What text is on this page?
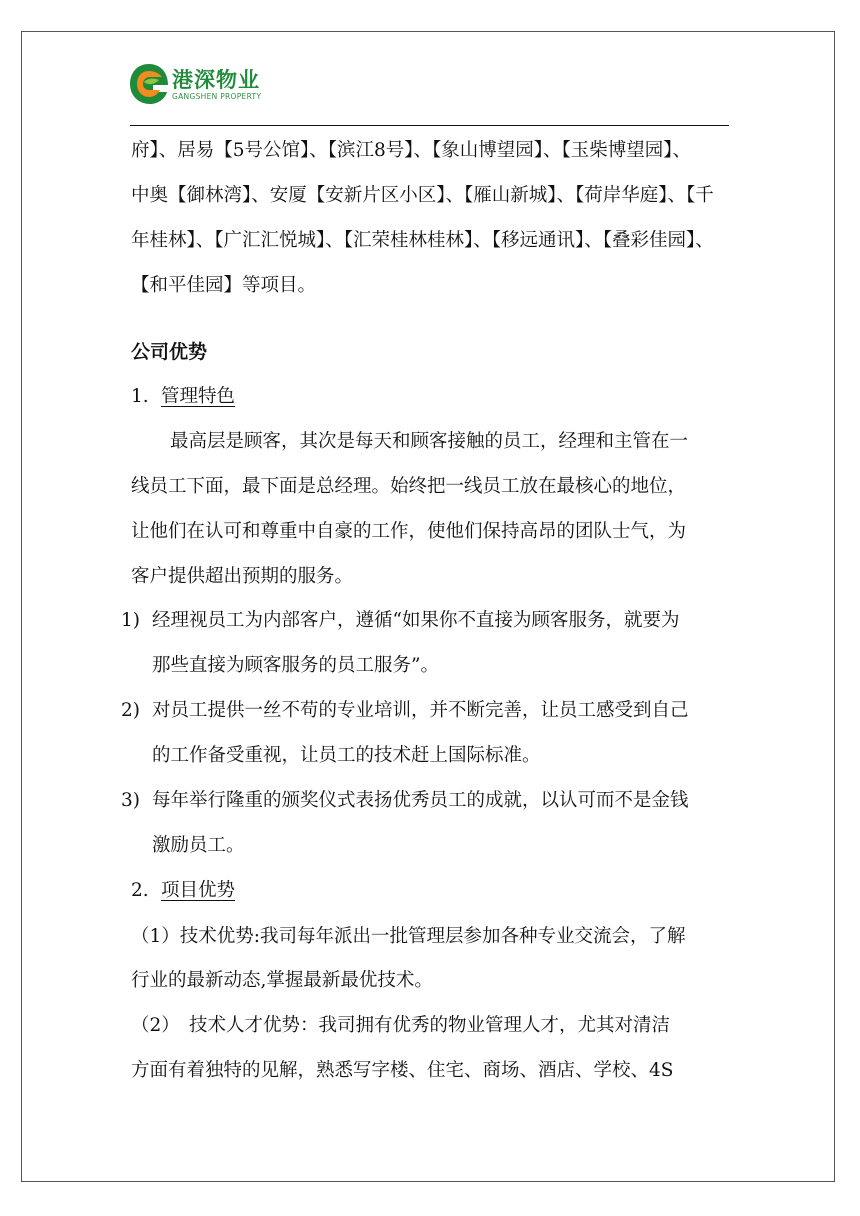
港深物业
GANGSHEN PROPERTY
府】、居易【5号公馆】、【滨江8号】、【象山博望园】、【玉柴博望园】、
中奥【御林湾】、安厦【安新片区小区】、【雁山新城】、【荷岸华庭】、【千
年桂林】、【广汇汇悦城】、【汇荣桂林桂林】、【移远通讯】、【叠彩佳园】、
【和平佳园】等项目。
公司优势
1. 管理特色
最高层是顾客，其次是每天和顾客接触的员工，经理和主管在一
线员工下面，最下面是总经理。始终把一线员工放在最核心的地位，
让他们在认可和尊重中自豪的工作，使他们保持高昂的团队士气，为
客户提供超出预期的服务。
1) 经理视员工为内部客户，遵循“如果你不直接为顾客服务，就要为
那些直接为顾客服务的员工服务”。
2) 对员工提供一丝不苟的专业培训，并不断完善，让员工感受到自己
的工作备受重视，让员工的技术赶上国际标准。
3) 每年举行隆重的颁奖仪式表扬优秀员工的成就，以认可而不是金钱
激励员工。
2. 项目优势
（1）技术优势:我司每年派出一批管理层参加各种专业交流会，了解
行业的最新动态,掌握最新最优技术。
（2）　技术人才优势：我司拥有优秀的物业管理人才，尤其对清洁
方面有着独特的见解，熟悉写字楼、住宅、商场、酒店、学校、4S
